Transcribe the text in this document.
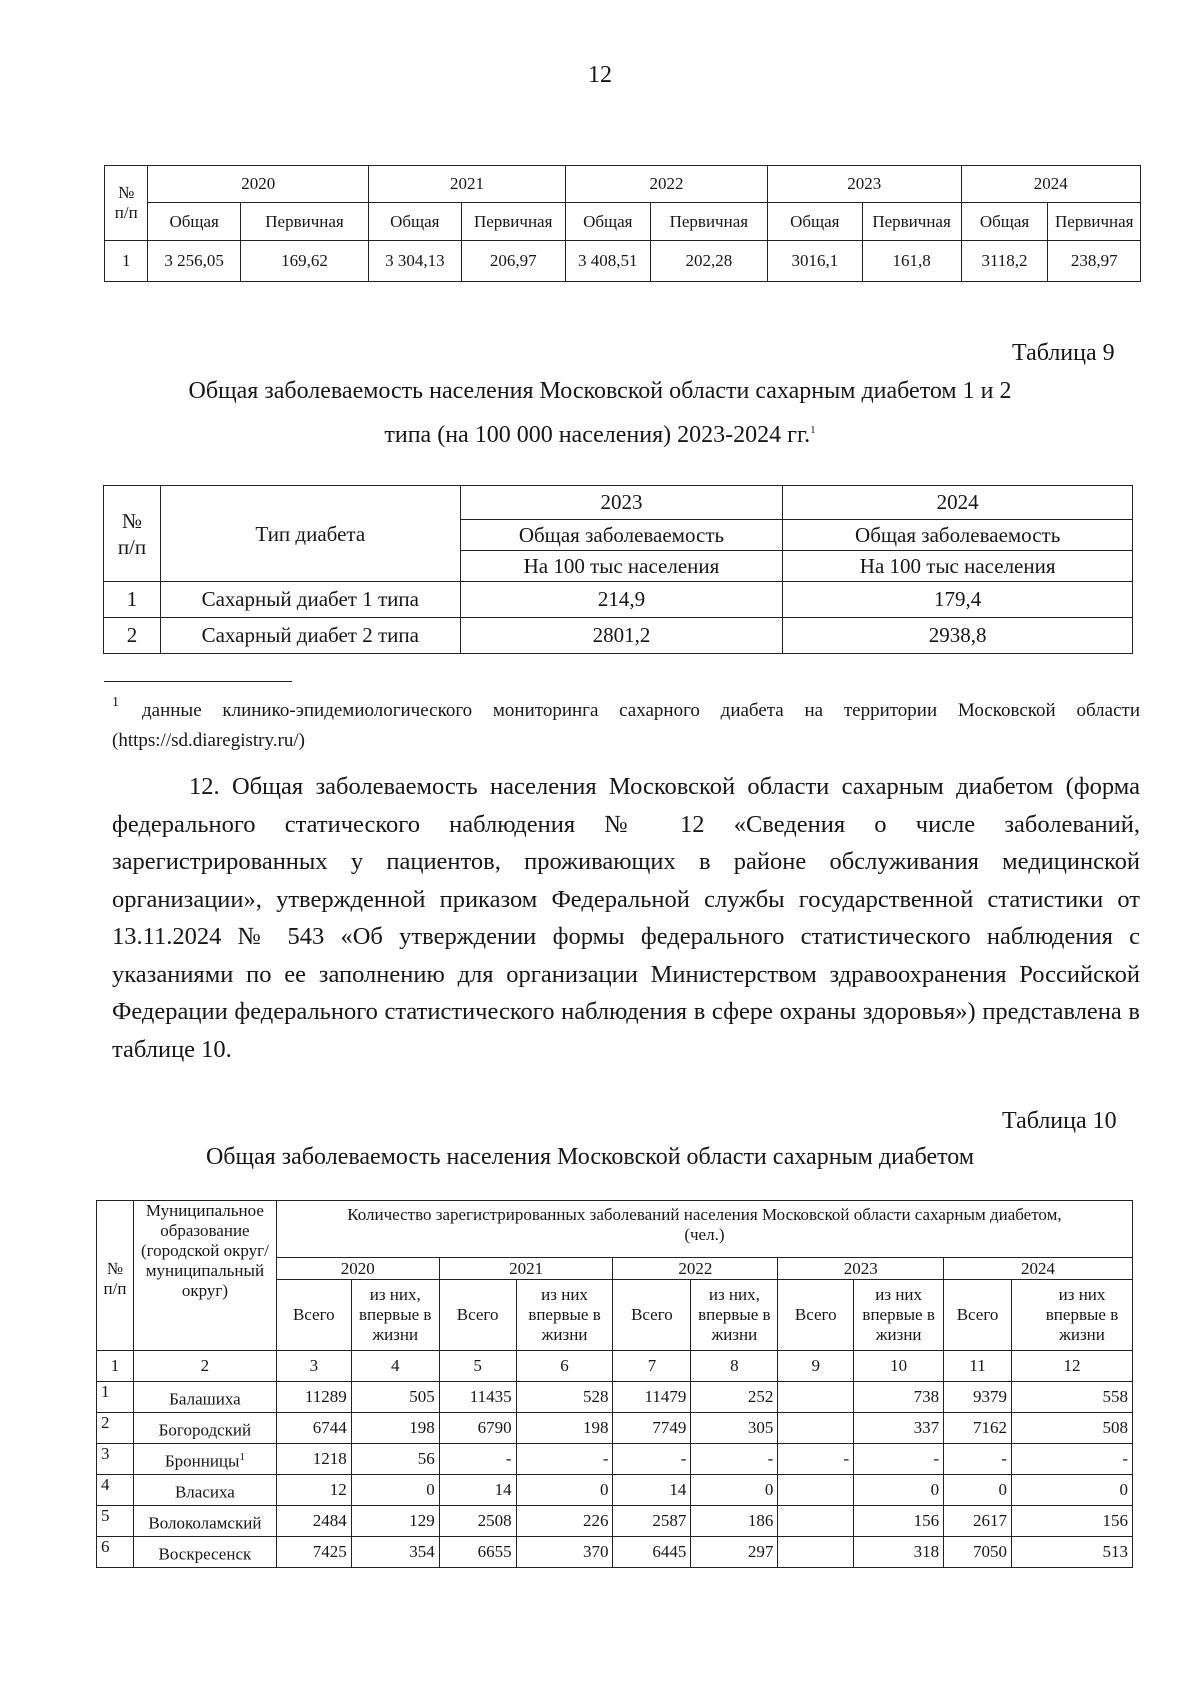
12
№
п/п	2020		2021		2022		2023		2024	
	Общая	Первичная	Общая	Первичная	Общая	Первичная	Общая	Первичная	Общая	Первичная
1	3 256,05	169,62	3 304,13	206,97	3 408,51	202,28	3016,1	161,8	3118,2	238,97
Таблица 9
Общая заболеваемость населения Московской области сахарным диабетом 1 и 2
типа (на 100 000 населения) 2023-2024 гг.$^1$
№
п/п	Тип диабета	2023	2024
		Общая заболеваемость	Общая заболеваемость
		На 100 тыс населения	На 100 тыс населения
1	Сахарный диабет 1 типа	214,9	179,4
2	Сахарный диабет 2 типа	2801,2	2938,8
1	данные клинико-эпидемиологического мониторинга сахарного диабета на территории Московской области (https://sd.diaregistry.ru/)
12. Общая заболеваемость населения Московской области сахарным диабетом (форма федерального статического наблюдения № 12 «Сведения о числе заболеваний, зарегистрированных у пациентов, проживающих в районе обслуживания медицинской организации», утвержденной приказом Федеральной службы государственной статистики от 13.11.2024 № 543 «Об утверждении формы федерального статистического наблюдения с указаниями по ее заполнению для организации Министерством здравоохранения Российской Федерации федерального статистического наблюдения в сфере охраны здоровья») представлена в таблице 10.
Таблица 10
Общая заболеваемость населения Московской области сахарным диабетом
№
п/п	Муниципальное образование (городской округ/ муниципальный округ)	Количество зарегистрированных заболеваний населения Московской области сахарным диабетом, (чел.)									
		2020		2021		2022		2023		2024	
		Всего	из них, впервые в жизни	Всего	из них впервые в жизни	Всего	из них, впервые в жизни	Всего	из них впервые в жизни	Всего	из них впервые в жизни
1	2	3	4	5	6	7	8	9	10	11	12
1	Балашиха	11289	505	11435	528	11479	252		738	9379	558
2	Богородский	6744	198	6790	198	7749	305		337	7162	508
3	Бронницы$^1$	1218	56	-	-	-	-	-	-	-	-
4	Власиха	12	0	14	0	14	0		0	0	0
5	Волоколамский	2484	129	2508	226	2587	186		156	2617	156
6	Воскресенск	7425	354	6655	370	6445	297		318	7050	513
